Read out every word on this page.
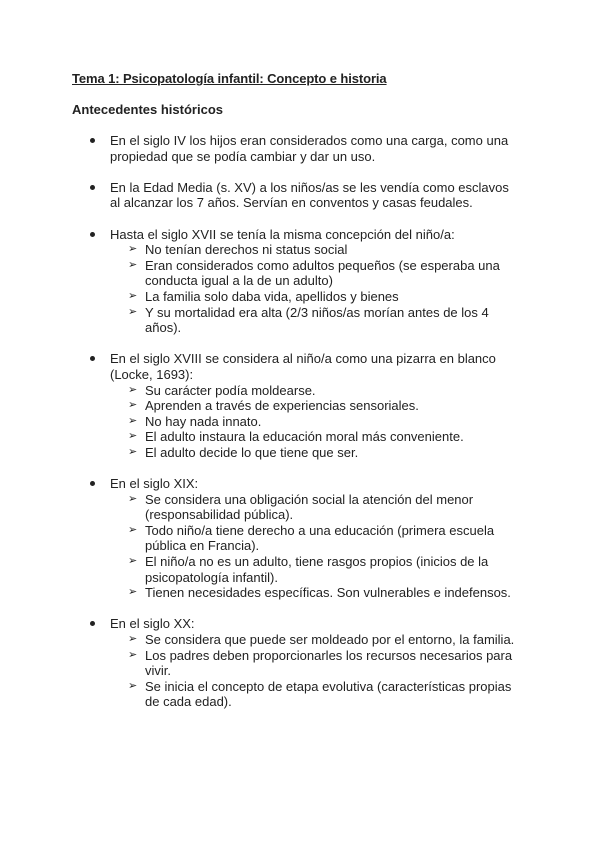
Tema 1: Psicopatología infantil: Concepto e historia
Antecedentes históricos
En el siglo IV los hijos eran considerados como una carga, como una propiedad que se podía cambiar y dar un uso.
En la Edad Media (s. XV) a los niños/as se les vendía como esclavos al alcanzar los 7 años. Servían en conventos y casas feudales.
Hasta el siglo XVII se tenía la misma concepción del niño/a:
➢ No tenían derechos ni status social
➢ Eran considerados como adultos pequeños (se esperaba una conducta igual a la de un adulto)
➢ La familia solo daba vida, apellidos y bienes
➢ Y su mortalidad era alta (2/3 niños/as morían antes de los 4 años).
En el siglo XVIII se considera al niño/a como una pizarra en blanco (Locke, 1693):
➢ Su carácter podía moldearse.
➢ Aprenden a través de experiencias sensoriales.
➢ No hay nada innato.
➢ El adulto instaura la educación moral más conveniente.
➢ El adulto decide lo que tiene que ser.
En el siglo XIX:
➢ Se considera una obligación social la atención del menor (responsabilidad pública).
➢ Todo niño/a tiene derecho a una educación (primera escuela pública en Francia).
➢ El niño/a no es un adulto, tiene rasgos propios (inicios de la psicopatología infantil).
➢ Tienen necesidades específicas. Son vulnerables e indefensos.
En el siglo XX:
➢ Se considera que puede ser moldeado por el entorno, la familia.
➢ Los padres deben proporcionarles los recursos necesarios para vivir.
➢ Se inicia el concepto de etapa evolutiva (características propias de cada edad).
